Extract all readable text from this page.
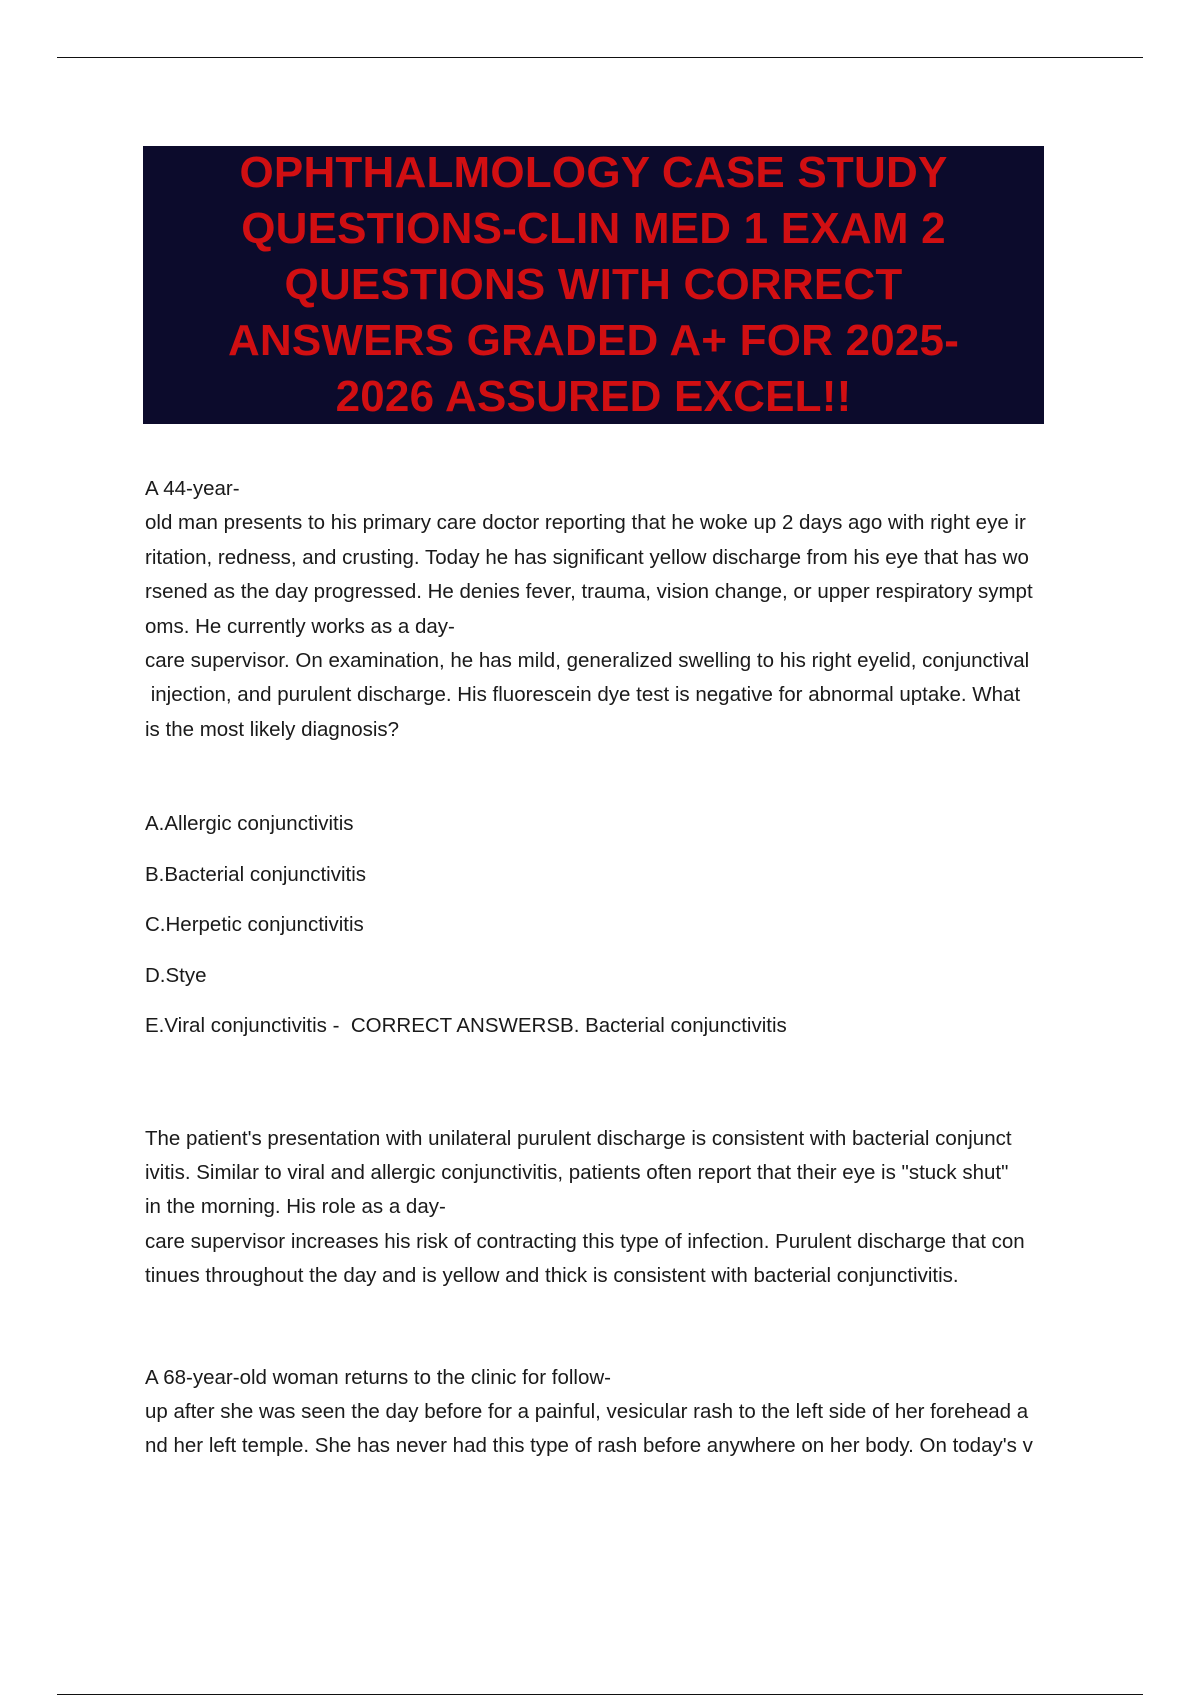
OPHTHALMOLOGY CASE STUDY
QUESTIONS-CLIN MED 1 EXAM 2
QUESTIONS WITH CORRECT
ANSWERS GRADED A+ FOR 2025-
2026 ASSURED EXCEL!!
A 44-year-
old man presents to his primary care doctor reporting that he woke up 2 days ago with right eye ir
ritation, redness, and crusting. Today he has significant yellow discharge from his eye that has wo
rsened as the day progressed. He denies fever, trauma, vision change, or upper respiratory sympt
oms. He currently works as a day-
care supervisor. On examination, he has mild, generalized swelling to his right eyelid, conjunctival
injection, and purulent discharge. His fluorescein dye test is negative for abnormal uptake. What
is the most likely diagnosis?
A.Allergic conjunctivitis
B.Bacterial conjunctivitis
C.Herpetic conjunctivitis
D.Stye
E.Viral conjunctivitis -  CORRECT ANSWERSB. Bacterial conjunctivitis
The patient's presentation with unilateral purulent discharge is consistent with bacterial conjunct
ivitis. Similar to viral and allergic conjunctivitis, patients often report that their eye is "stuck shut"
in the morning. His role as a day-
care supervisor increases his risk of contracting this type of infection. Purulent discharge that con
tinues throughout the day and is yellow and thick is consistent with bacterial conjunctivitis.
A 68-year-old woman returns to the clinic for follow-
up after she was seen the day before for a painful, vesicular rash to the left side of her forehead a
nd her left temple. She has never had this type of rash before anywhere on her body. On today's v
